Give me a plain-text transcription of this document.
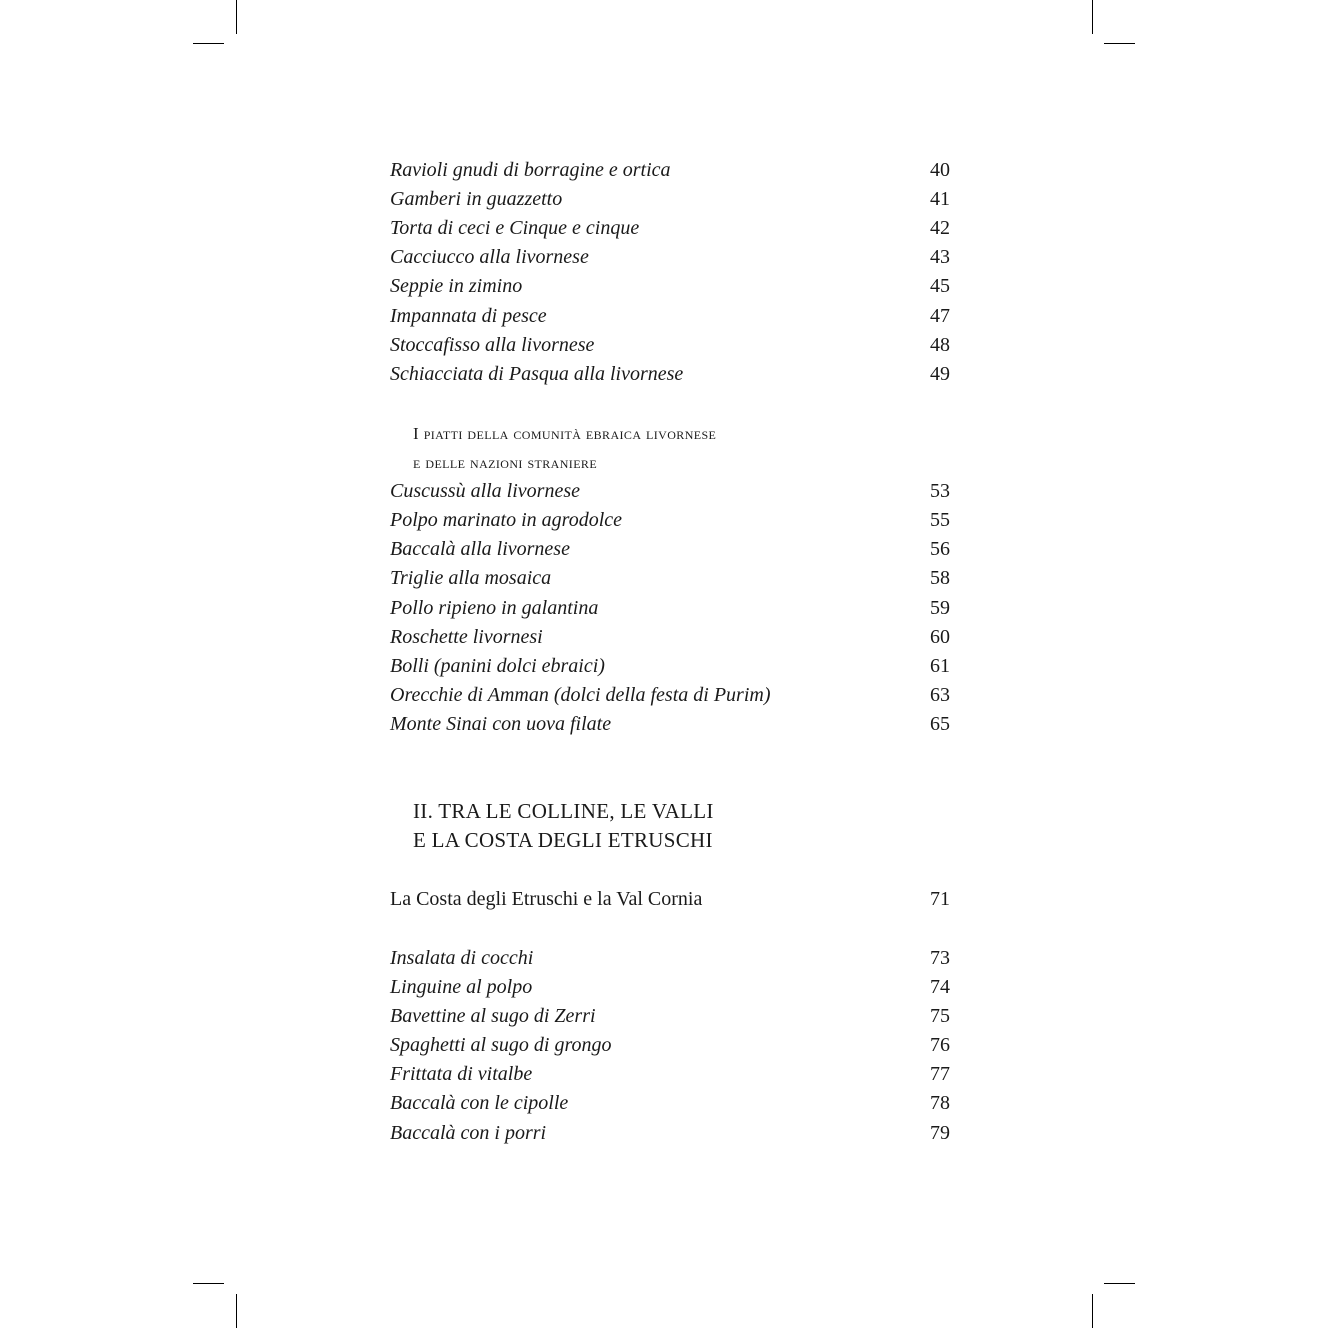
Ravioli gnudi di borragine e ortica	40
Gamberi in guazzetto	41
Torta di ceci e Cinque e cinque	42
Cacciucco alla livornese	43
Seppie in zimino	45
Impannata di pesce	47
Stoccafisso alla livornese	48
Schiacciata di Pasqua alla livornese	49
I piatti della comunità ebraica livornese
e delle nazioni straniere
Cuscussù alla livornese	53
Polpo marinato in agrodolce	55
Baccalà alla livornese	56
Triglie alla mosaica	58
Pollo ripieno in galantina	59
Roschette livornesi	60
Bolli (panini dolci ebraici)	61
Orecchie di Amman (dolci della festa di Purim)	63
Monte Sinai con uova filate	65
II. TRA LE COLLINE, LE VALLI
E LA COSTA DEGLI ETRUSCHI
La Costa degli Etruschi e la Val Cornia	71
Insalata di cocchi	73
Linguine al polpo	74
Bavettine al sugo di Zerri	75
Spaghetti al sugo di grongo	76
Frittata di vitalbe	77
Baccalà con le cipolle	78
Baccalà con i porri	79
